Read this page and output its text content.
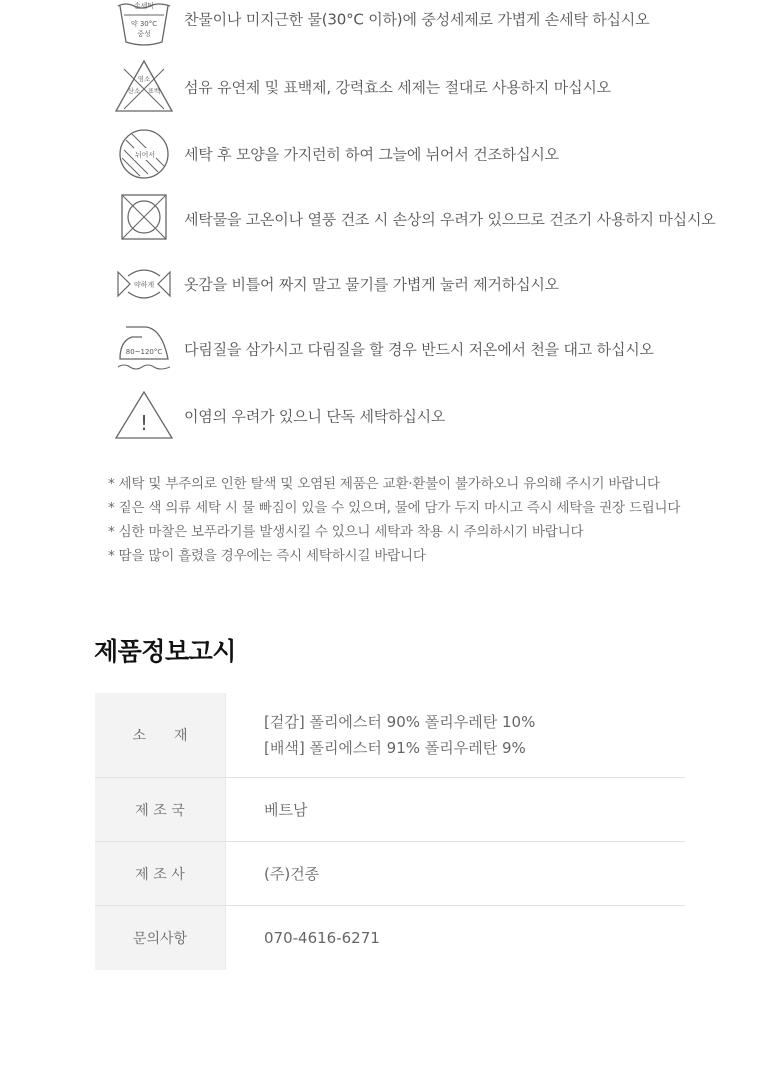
손세탁
약 30°C
중성
찬물이나 미지근한 물(30°C 이하)에 중성세제로 가볍게 손세탁 하십시오
염소
산소 표백 섬유 유연제 및 표백제, 강력효소 세제는 절대로 사용하지 마십시오
뉘어서 세탁 후 모양을 가지런히 하여 그늘에 뉘어서 건조하십시오
세탁물을 고온이나 열풍 건조 시 손상의 우려가 있으므로 건조기 사용하지 마십시오
약하게 옷감을 비틀어 짜지 말고 물기를 가볍게 눌러 제거하십시오
80~120°C 다림질을 삼가시고 다림질을 할 경우 반드시 저온에서 천을 대고 하십시오
! 이염의 우려가 있으니 단독 세탁하십시오
* 세탁 및 부주의로 인한 탈색 및 오염된 제품은 교환·환불이 불가하오니 유의해 주시기 바랍니다
* 짙은 색 의류 세탁 시 물 빠짐이 있을 수 있으며, 물에 담가 두지 마시고 즉시 세탁을 권장 드립니다
* 심한 마찰은 보푸라기를 발생시킬 수 있으니 세탁과 착용 시 주의하시기 바랍니다
* 땀을 많이 흘렸을 경우에는 즉시 세탁하시길 바랍니다
제품정보고시
소　　재	[겉감] 폴리에스터 90% 폴리우레탄 10%
[배색] 폴리에스터 91% 폴리우레탄 9%

제 조 국	베트남
제 조 사	(주)건종
문의사항	070-4616-6271
